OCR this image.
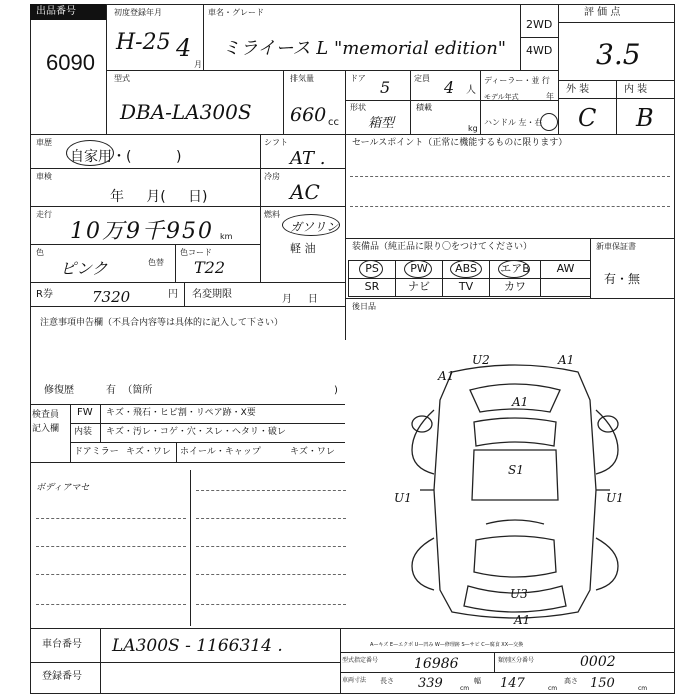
出品番号
6090
初度登録年月
H-25 4
月
車名・グレード
ミライース L "memorial edition"
2WD
4WD
評 価 点
3.5
型式
DBA-LA300S
排気量
660 cc
ドア 5	定員 4 人
ディーラー・並 行
モデル年式	年
形状
箱型
積載
kg
ハンドル 左・右
外 装	内 装
C B
車歴
自家用・(          )
シフト
AT .
車検
年     月(     日)
冷房
AC
走行
10万9千950 km
燃料
ガソリン
軽 油
色
ピンク	色替
色コード
T22
セールスポイント（正常に機能するものに限ります）
装備品（純正品に限り〇をつけてください）	新車保証書
有・無
PS	PW	ABS	エアB	AW
SR	ナビ	TV	カワ
後日品
R券	7320	円 名変期限	月     日
注意事項申告欄（不具合内容等は具体的に記入して下さい）
修復歴	有  （箇所	)
検査員
記入欄
FW キズ・飛石・ヒビ割・リペア跡・X要
内装 キズ・汚レ・コゲ・穴・スレ・ヘタリ・破レ
ドアミラー キズ・ワレ ホイール・キャップ	キズ・ワレ
ボディアマセ
U2	A1
A1
A1
S1
U1	U1
U3
A1
車台番号 LA300S - 1166314 .
登録番号
A—キズ E—エクボ U—凹み W—修理跡 S—サビ C—腐食 XX—交換
型式指定番号	16986	類別区分番号	0002
車両寸法 長さ 339	cm
幅 147	cm
高さ 150	cm
